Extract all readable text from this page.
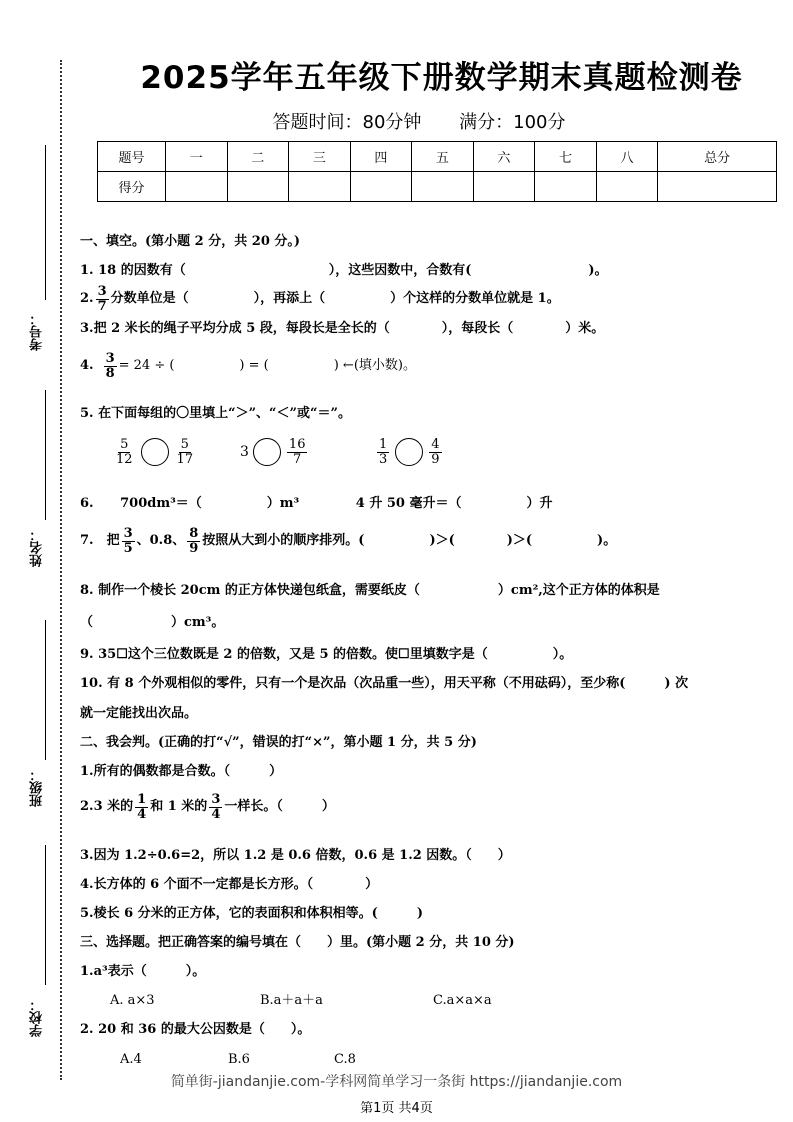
考号：
姓名：
班级：
学校：
2025学年五年级下册数学期末真题检测卷
答题时间：80分钟 满分：100分
题号	一	二	三	四	五	六	七	八	总分
得分									
一、填空。(第小题 2 分，共 20 分。)
1. 18 的因数有（　　　　　　　　　　　），这些因数中，合数有(　　　　　　　　　)。
2. $\frac{3}{7}$ 分数单位是（　　　　　），再添上（　　　　　）个这样的分数单位就是 1。
3.把 2 米长的绳子平均分成 5 段，每段长是全长的（　　　　），每段长（　　　　）米。
4. $\frac{3}{8} = 24$ ÷ (　　　　　) = (　　　　　) ←(填小数)。
5. 在下面每组的〇里填上“＞”、“＜”或“＝”。
$\frac{5}{12}$	$\frac{5}{17}$	3	$\frac{16}{7}$	$\frac{1}{3}$	$\frac{4}{9}$
6. 700dm³＝（　　　　　）m³	4 升 50 毫升＝（　　　　　）升
7.　把 $\frac{3}{5}$ 、0.8、 $\frac{8}{9}$ 按照从大到小的顺序排列。(　　　　　)＞(　　　　)＞(　　　　　)。
8. 制作一个棱长 20cm 的正方体快递包纸盒，需要纸皮（　　　　　　）cm²,这个正方体的体积是
（　　　　　　）cm³。
9. 35☐这个三位数既是 2 的倍数，又是 5 的倍数。使☐里填数字是（　　　　　）。
10. 有 8 个外观相似的零件，只有一个是次品（次品重一些），用天平称（不用砝码），至少称(　　　) 次
就一定能找出次品。
二、我会判。(正确的打“√”，错误的打“×”，第小题 1 分，共 5 分)
1.所有的偶数都是合数。（　　　）
2.3 米的 $\frac{1}{4}$ 和 1 米的 $\frac{3}{4}$ 一样长。（　　　）
3.因为 1.2÷0.6=2，所以 1.2 是 0.6 倍数，0.6 是 1.2 因数。（　　）
4.长方体的 6 个面不一定都是长方形。（　　　　）
5.棱长 6 分米的正方体，它的表面积和体积相等。(　　　)
三、选择题。把正确答案的编号填在（　　）里。(第小题 2 分，共 10 分)
1.a³表示（　　　）。
A. a×3	B.a＋a＋a	C.a×a×a
2. 20 和 36 的最大公因数是（　　）。
A.4	B.6	C.8
简单街-jiandanjie.com-学科网简单学习一条街 https://jiandanjie.com
第1页 共4页
